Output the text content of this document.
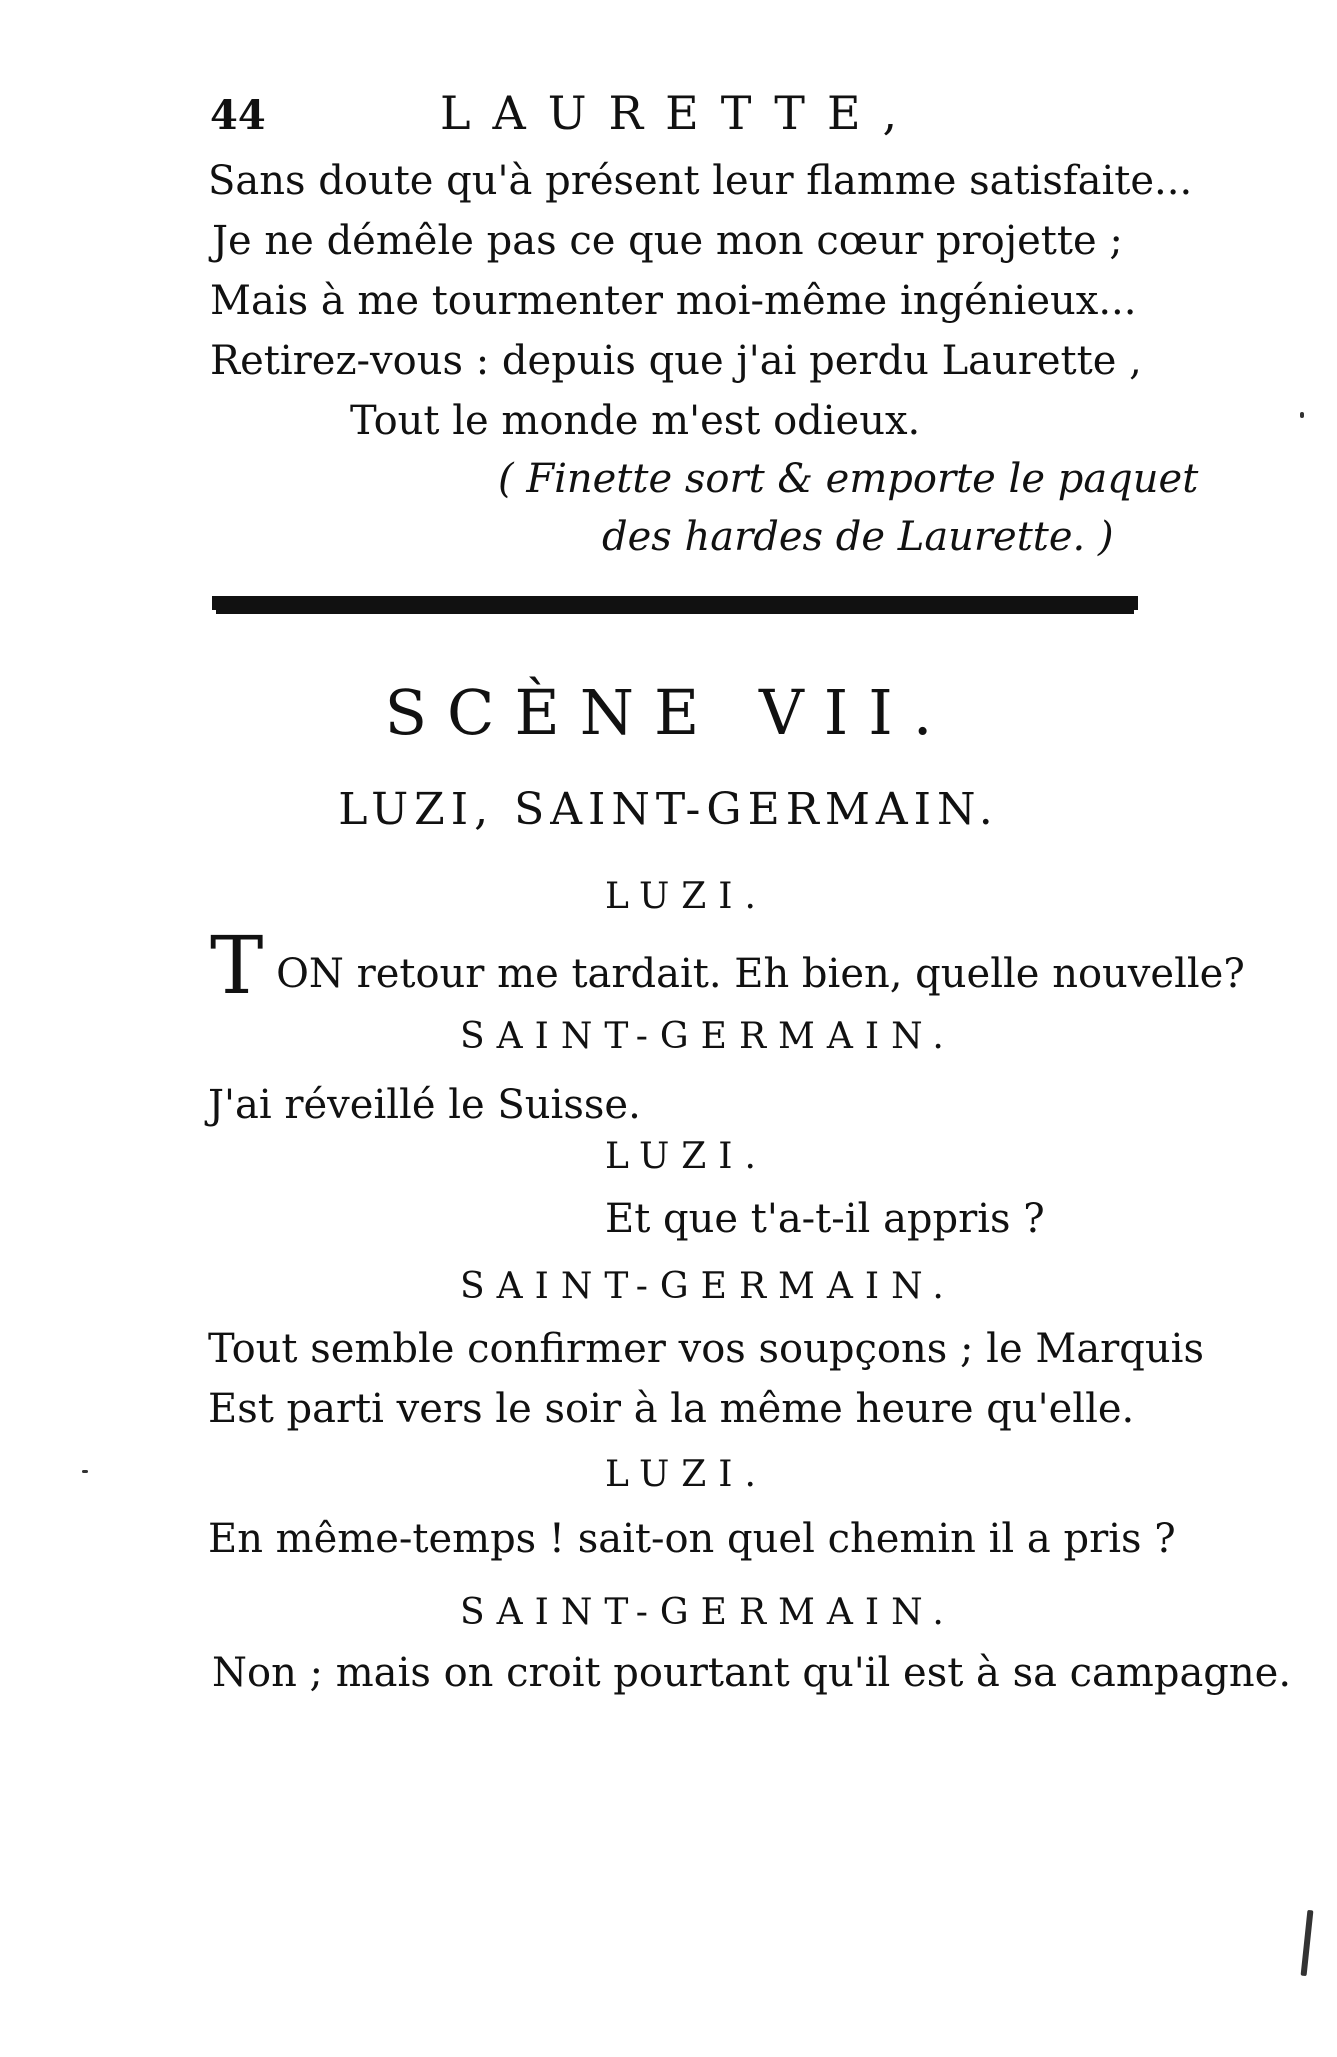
44	LAURETTE,
Sans doute qu'à présent leur flamme satisfaite...
Je ne démêle pas ce que mon cœur projette ;
Mais à me tourmenter moi-même ingénieux...
Retirez-vous : depuis que j'ai perdu Laurette ,
Tout le monde m'est odieux.
( Finette sort & emporte le paquet
des hardes de Laurette. )
SCÈNE VII.
LUZI, SAINT-GERMAIN.
LUZI.
T ON retour me tardait. Eh bien, quelle nouvelle?
SAINT-GERMAIN.
J'ai réveillé le Suisse.
LUZI.
Et que t'a-t-il appris ?
SAINT-GERMAIN.
Tout semble confirmer vos soupçons ; le Marquis
Est parti vers le soir à la même heure qu'elle.
LUZI.
En même-temps ! sait-on quel chemin il a pris ?
SAINT-GERMAIN.
Non ; mais on croit pourtant qu'il est à sa campagne.
